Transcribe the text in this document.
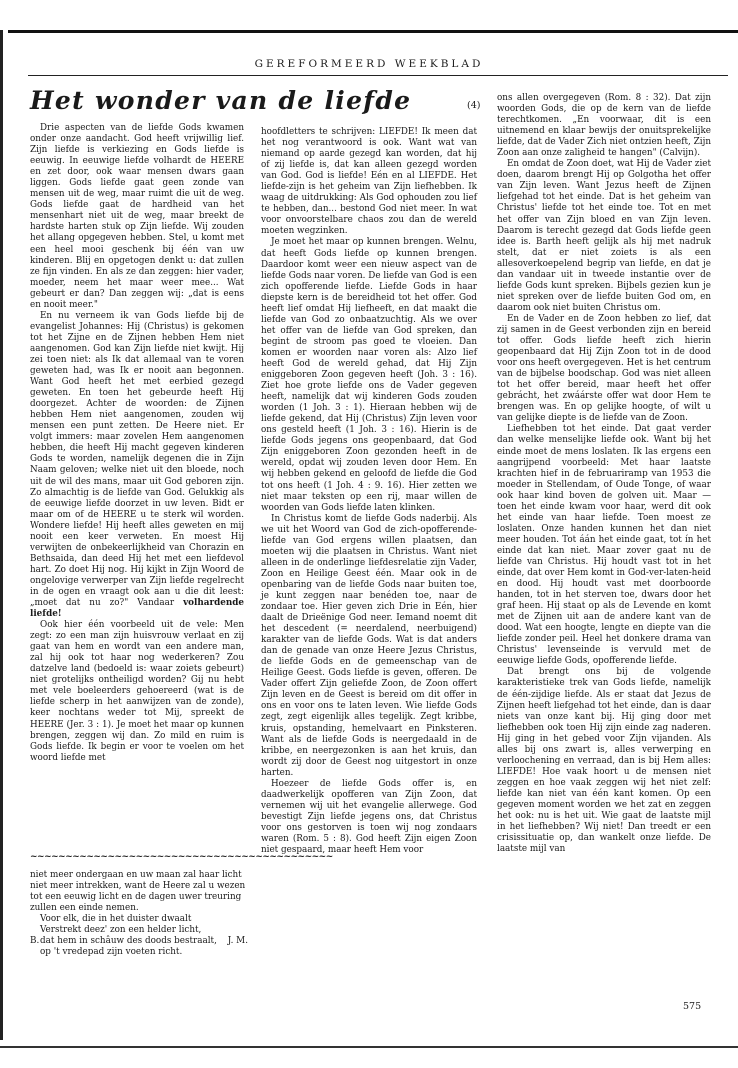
GEREFORMEERD WEEKBLAD
Het wonder van de liefde	(4)

Drie aspecten van de liefde Gods kwamen onder onze aandacht. God heeft vrijwillig lief. Zijn liefde is verkiezing en Gods liefde is eeuwig. In eeuwige liefde volhardt de HEERE en zet door, ook waar mensen dwars gaan liggen. Gods liefde gaat geen zonde van mensen uit de weg, maar ruimt die uit de weg. Gods liefde gaat de hardheid van het mensenhart niet uit de weg, maar breekt de hardste harten stuk op Zijn liefde. Wij zouden het allang opgegeven hebben. Stel, u komt met een heel mooi geschenk bij één van uw kinderen. Blij en opgetogen denkt u: dat zullen ze fijn vinden. En als ze dan zeggen: hier vader, moeder, neem het maar weer mee... Wat gebeurt er dan? Dan zeggen wij: „dat is eens en nooit meer."

En nu verneem ik van Gods liefde bij de evangelist Johannes: Hij (Christus) is gekomen tot het Zijne en de Zijnen hebben Hem niet aangenomen. God kan Zijn liefde niet kwijt. Hij zei toen niet: als Ik dat allemaal van te voren geweten had, was Ik er nooit aan begonnen. Want God heeft het met eerbied gezegd geweten. En toen het gebeurde heeft Hij doorgezet. Achter de woorden: de Zijnen hebben Hem niet aangenomen, zouden wij mensen een punt zetten. De Heere niet. Er volgt immers: maar zovelen Hem aangenomen hebben, die heeft Hij macht gegeven kinderen Gods te worden, namelijk degenen die in Zijn Naam geloven; welke niet uit den bloede, noch uit de wil des mans, maar uit God geboren zijn. Zo almachtig is de liefde van God. Gelukkig als de eeuwige liefde doorzet in uw leven. Bidt er maar om of de HEERE u te sterk wil worden. Wondere liefde! Hij heeft alles geweten en mij nooit een keer verweten. En moest Hij verwijten de onbekeerlijkheid van Chorazin en Bethsaida, dan deed Hij het met een liefdevol hart. Zo doet Hij nog. Hij kijkt in Zijn Woord de ongelovige verwerper van Zijn liefde regelrecht in de ogen en vraagt ook aan u die dit leest: „moet dat nu zo?" Vandaar volhardende liefde!

Ook hier één voorbeeld uit de vele: Men zegt: zo een man zijn huisvrouw verlaat en zij gaat van hem en wordt van een andere man, zal hij ook tot haar nog wederkeren? Zou datzelve land (bedoeld is: waar zoiets gebeurt) niet grotelijks ontheiligd worden? Gij nu hebt met vele boeleerders gehoereerd (wat is de liefde scherp in het aanwijzen van de zonde), keer nochtans weder tot Mij, spreekt de HEERE (Jer. 3 : 1). Je moet het maar op kunnen brengen, zeggen wij dan. Zo mild en ruim is Gods liefde. Ik begin er voor te voelen om het woord liefde met

~~~~~~~~~~~~~~~~~~~~~~~~~~~~~~~~~~~~~~~~~~~

niet meer ondergaan en uw maan zal haar licht niet meer intrekken, want de Heere zal u wezen tot een eeuwig licht en de dagen uwer treuring zullen een einde nemen.

Voor elk, die in het duister dwaalt

Verstrekt deez' zon een helder licht,

dat hem in schâuw des doods bestraalt,

op 't vredepad zijn voeten richt.

B.	J. M.

hoofdletters te schrijven: LIEFDE! Ik meen dat het nog verantwoord is ook. Want wat van niemand op aarde gezegd kan worden, dat hij of zij liefde is, dat kan alleen gezegd worden van God. God is liefde! Eén en al LIEFDE. Het liefde-zijn is het geheim van Zijn liefhebben. Ik waag de uitdrukking: Als God ophouden zou lief te hebben, dan... bestond God niet meer. In wat voor onvoorstelbare chaos zou dan de wereld moeten wegzinken.

Je moet het maar op kunnen brengen. Welnu, dat heeft Gods liefde op kunnen brengen. Daardoor komt weer een nieuw aspect van de liefde Gods naar voren. De liefde van God is een zich opofferende liefde. Liefde Gods in haar diepste kern is de bereidheid tot het offer. God heeft lief omdat Hij liefheeft, en dat maakt die liefde van God zo onbaatzuchtig. Als we over het offer van de liefde van God spreken, dan begint de stroom pas goed te vloeien. Dan komen er woorden naar voren als: Alzo lief heeft God de wereld gehad, dat Hij Zijn eniggeboren Zoon gegeven heeft (Joh. 3 : 16). Ziet hoe grote liefde ons de Vader gegeven heeft, namelijk dat wij kinderen Gods zouden worden (1 Joh. 3 : 1). Hieraan hebben wij de liefde gekend, dat Hij (Christus) Zijn leven voor ons gesteld heeft (1 Joh. 3 : 16). Hierin is de liefde Gods jegens ons geopenbaard, dat God Zijn eniggeboren Zoon gezonden heeft in de wereld, opdat wij zouden leven door Hem. En wij hebben gekend en geloofd de liefde die God tot ons heeft (1 Joh. 4 : 9. 16). Hier zetten we niet maar teksten op een rij, maar willen de woorden van Gods liefde laten klinken.

In Christus komt de liefde Gods naderbij. Als we uit het Woord van God de zich-opofferende-liefde van God ergens willen plaatsen, dan moeten wij die plaatsen in Christus. Want niet alleen in de onderlinge liefdesrelatie zijn Vader, Zoon en Heilige Geest één. Maar ook in de openbaring van de liefde Gods naar buiten toe, je kunt zeggen naar benéden toe, naar de zondaar toe. Hier geven zich Drie in Eén, hier daalt de Drieënige God neer. Iemand noemt dit het descedent (= neerdalend, neerbuigend) karakter van de liefde Gods. Wat is dat anders dan de genade van onze Heere Jezus Christus, de liefde Gods en de gemeenschap van de Heilige Geest. Gods liefde is geven, offeren. De Vader offert Zijn geliefde Zoon, de Zoon offert Zijn leven en de Geest is bereid om dit offer in ons en voor ons te laten leven. Wie liefde Gods zegt, zegt eigenlijk alles tegelijk. Zegt kribbe, kruis, opstanding, hemelvaart en Pinksteren. Want als de liefde Gods is neergedaald in de kribbe, en neergezonken is aan het kruis, dan wordt zij door de Geest nog uitgestort in onze harten.

Hoezeer de liefde Gods offer is, en daadwerkelijk opofferen van Zijn Zoon, dat vernemen wij uit het evangelie allerwege. God bevestigt Zijn liefde jegens ons, dat Christus voor ons gestorven is toen wij nog zondaars waren (Rom. 5 : 8). God heeft Zijn eigen Zoon niet gespaard, maar heeft Hem voor

ons allen overgegeven (Rom. 8 : 32). Dat zijn woorden Gods, die op de kern van de liefde terechtkomen. „En voorwaar, dit is een uitnemend en klaar bewijs der onuitsprekelijke liefde, dat de Vader Zich niet ontzien heeft, Zijn Zoon aan onze zaligheid te hangen" (Calvijn).

En omdat de Zoon doet, wat Hij de Vader ziet doen, daarom brengt Hij op Golgotha het offer van Zijn leven. Want Jezus heeft de Zijnen liefgehad tot het einde. Dat is het geheim van Christus' liefde tot het einde toe. Tot en met het offer van Zijn bloed en van Zijn leven. Daarom is terecht gezegd dat Gods liefde geen idee is. Barth heeft gelijk als hij met nadruk stelt, dat er niet zoiets is als een allesoverkoepelend begrip van liefde, en dat je dan vandaar uit in tweede instantie over de liefde Gods kunt spreken. Bijbels gezien kun je niet spreken over de liefde buiten God om, en daarom ook niet buiten Christus om.

En de Vader en de Zoon hebben zo lief, dat zij samen in de Geest verbonden zijn en bereid tot offer. Gods liefde heeft zich hierin geopenbaard dat Hij Zijn Zoon tot in de dood voor ons heeft overgegeven. Het is het centrum van de bijbelse boodschap. God was niet alleen tot het offer bereid, maar heeft het offer gebrácht, het zwáárste offer wat door Hem te brengen was. En op gelijke hoogte, of wilt u van gelijke diepte is de liefde van de Zoon.

Liefhebben tot het einde. Dat gaat verder dan welke menselijke liefde ook. Want bij het einde moet de mens loslaten. Ik las ergens een aangrijpend voorbeeld: Met haar laatste krachten hief in de februariramp van 1953 die moeder in Stellendam, of Oude Tonge, of waar ook haar kind boven de golven uit. Maar — toen het einde kwam voor haar, werd dit ook het einde van haar liefde. Toen moest ze loslaten. Onze handen kunnen het dan niet meer houden. Tot áán het einde gaat, tot ín het einde dat kan niet. Maar zover gaat nu de liefde van Christus. Hij houdt vast tot in het einde, dat over Hem komt in God-ver-laten-heid en dood. Hij houdt vast met doorboorde handen, tot in het sterven toe, dwars door het graf heen. Hij staat op als de Levende en komt met de Zijnen uit aan de andere kant van de dood. Wat een hoogte, lengte en diepte van die liefde zonder peil. Heel het donkere drama van Christus' levenseinde is vervuld met de eeuwige liefde Gods, opofferende liefde.

Dat brengt ons bij de volgende karakteristieke trek van Gods liefde, namelijk de één-zijdige liefde. Als er staat dat Jezus de Zijnen heeft liefgehad tot het einde, dan is daar niets van onze kant bij. Hij ging door met liefhebben ook toen Hij zijn einde zag naderen. Hij ging in het gebed voor Zijn vijanden. Als alles bij ons zwart is, alles verwerping en verloochening en verraad, dan is bij Hem alles: LIEFDE! Hoe vaak hoort u de mensen niet zeggen en hoe vaak zeggen wij het niet zelf: liefde kan niet van één kant komen. Op een gegeven moment worden we het zat en zeggen het ook: nu is het uit. Wie gaat de laatste mijl in het liefhebben? Wij niet! Dan treedt er een crisissituatie op, dan wankelt onze liefde. De laatste mijl van

575
